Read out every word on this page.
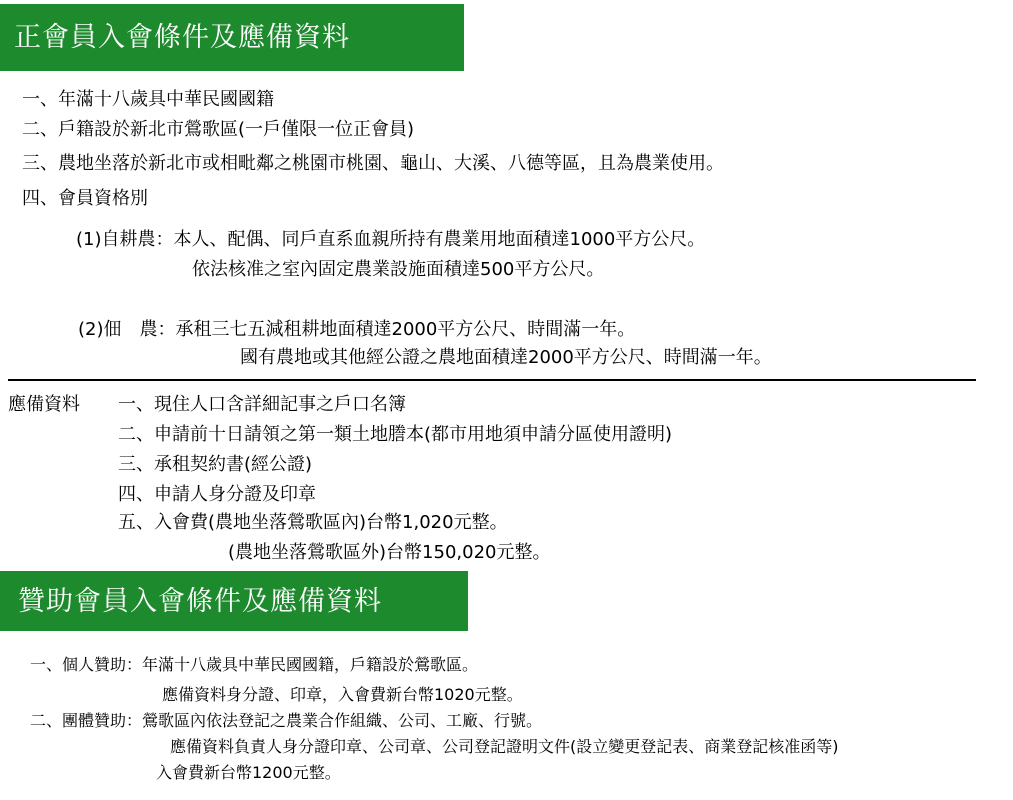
正會員入會條件及應備資料
一、年滿十八歲具中華民國國籍
二、戶籍設於新北市鶯歌區(一戶僅限一位正會員)
三、農地坐落於新北市或相毗鄰之桃園市桃園、龜山、大溪、八德等區，且為農業使用。
四、會員資格別
(1)自耕農：本人、配偶、同戶直系血親所持有農業用地面積達1000平方公尺。
依法核准之室內固定農業設施面積達500平方公尺。
(2)佃　農：承租三七五減租耕地面積達2000平方公尺、時間滿一年。
國有農地或其他經公證之農地面積達2000平方公尺、時間滿一年。
應備資料 一、現住人口含詳細記事之戶口名簿
二、申請前十日請領之第一類土地謄本(都市用地須申請分區使用證明)
三、承租契約書(經公證)
四、申請人身分證及印章
五、入會費(農地坐落鶯歌區內)台幣1,020元整。
(農地坐落鶯歌區外)台幣150,020元整。
贊助會員入會條件及應備資料
一、個人贊助：年滿十八歲具中華民國國籍，戶籍設於鶯歌區。
應備資料身分證、印章，入會費新台幣1020元整。
二、團體贊助：鶯歌區內依法登記之農業合作組織、公司、工廠、行號。
應備資料負責人身分證印章、公司章、公司登記證明文件(設立變更登記表、商業登記核准函等)
入會費新台幣1200元整。
